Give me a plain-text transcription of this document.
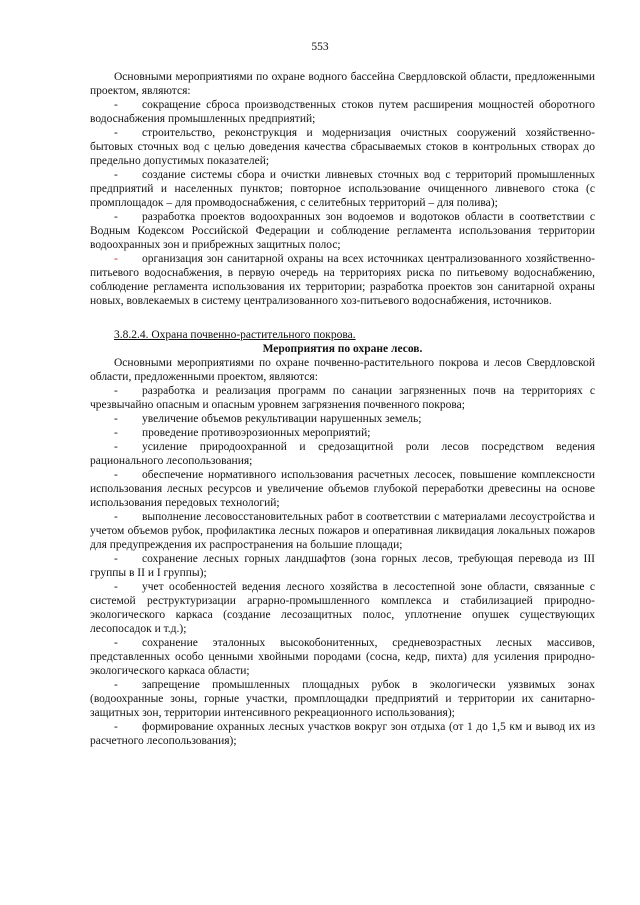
553

Основными мероприятиями по охране водного бассейна Свердловской области, предложенными проектом, являются:

- сокращение сброса производственных стоков путем расширения мощностей оборотного водоснабжения промышленных предприятий;

- строительство, реконструкция и модернизация очистных сооружений хозяйственно-бытовых сточных вод с целью доведения качества сбрасываемых стоков в контрольных створах до предельно допустимых показателей;

- создание системы сбора и очистки ливневых сточных вод с территорий промышленных предприятий и населенных пунктов; повторное использование очищенного ливневого стока (с промплощадок – для промводоснабжения, с селитебных территорий – для полива);

- разработка проектов водоохранных зон водоемов и водотоков области в соответствии с Водным Кодексом Российской Федерации и соблюдение регламента использования территории водоохранных зон и прибрежных защитных полос;

- организация зон санитарной охраны на всех источниках централизованного хозяйственно-питьевого водоснабжения, в первую очередь на территориях риска по питьевому водоснабжению, соблюдение регламента использования их территории; разработка проектов зон санитарной охраны новых, вовлекаемых в систему централизованного хоз-питьевого водоснабжения, источников.

3.8.2.4. Охрана почвенно-растительного покрова.

Мероприятия по охране лесов.

Основными мероприятиями по охране почвенно-растительного покрова и лесов Свердловской области, предложенными проектом, являются:

- разработка и реализация программ по санации загрязненных почв на территориях с чрезвычайно опасным и опасным уровнем загрязнения почвенного покрова;

- увеличение объемов рекультивации нарушенных земель;

- проведение противоэрозионных мероприятий;

- усиление природоохранной и средозащитной роли лесов посредством ведения рационального лесопользования;

- обеспечение нормативного использования расчетных лесосек, повышение комплексности использования лесных ресурсов и увеличение объемов глубокой переработки древесины на основе использования передовых технологий;

- выполнение лесовосстановительных работ в соответствии с материалами лесоустройства и учетом объемов рубок, профилактика лесных пожаров и оперативная ликвидация локальных пожаров для предупреждения их распространения на большие площади;

- сохранение лесных горных ландшафтов (зона горных лесов, требующая перевода из III группы в II и I группы);

- учет особенностей ведения лесного хозяйства в лесостепной зоне области, связанные с системой реструктуризации аграрно-промышленного комплекса и стабилизацией природно-экологического каркаса (создание лесозащитных полос, уплотнение опушек существующих лесопосадок и т.д.);

- сохранение эталонных высокобонитенных, средневозрастных лесных массивов, представленных особо ценными хвойными породами (сосна, кедр, пихта) для усиления природно-экологического каркаса области;

- запрещение промышленных площадных рубок в экологически уязвимых зонах (водоохранные зоны, горные участки, промплощадки предприятий и территории их санитарно-защитных зон, территории интенсивного рекреационного использования);

- формирование охранных лесных участков вокруг зон отдыха (от 1 до 1,5 км и вывод их из расчетного лесопользования);
